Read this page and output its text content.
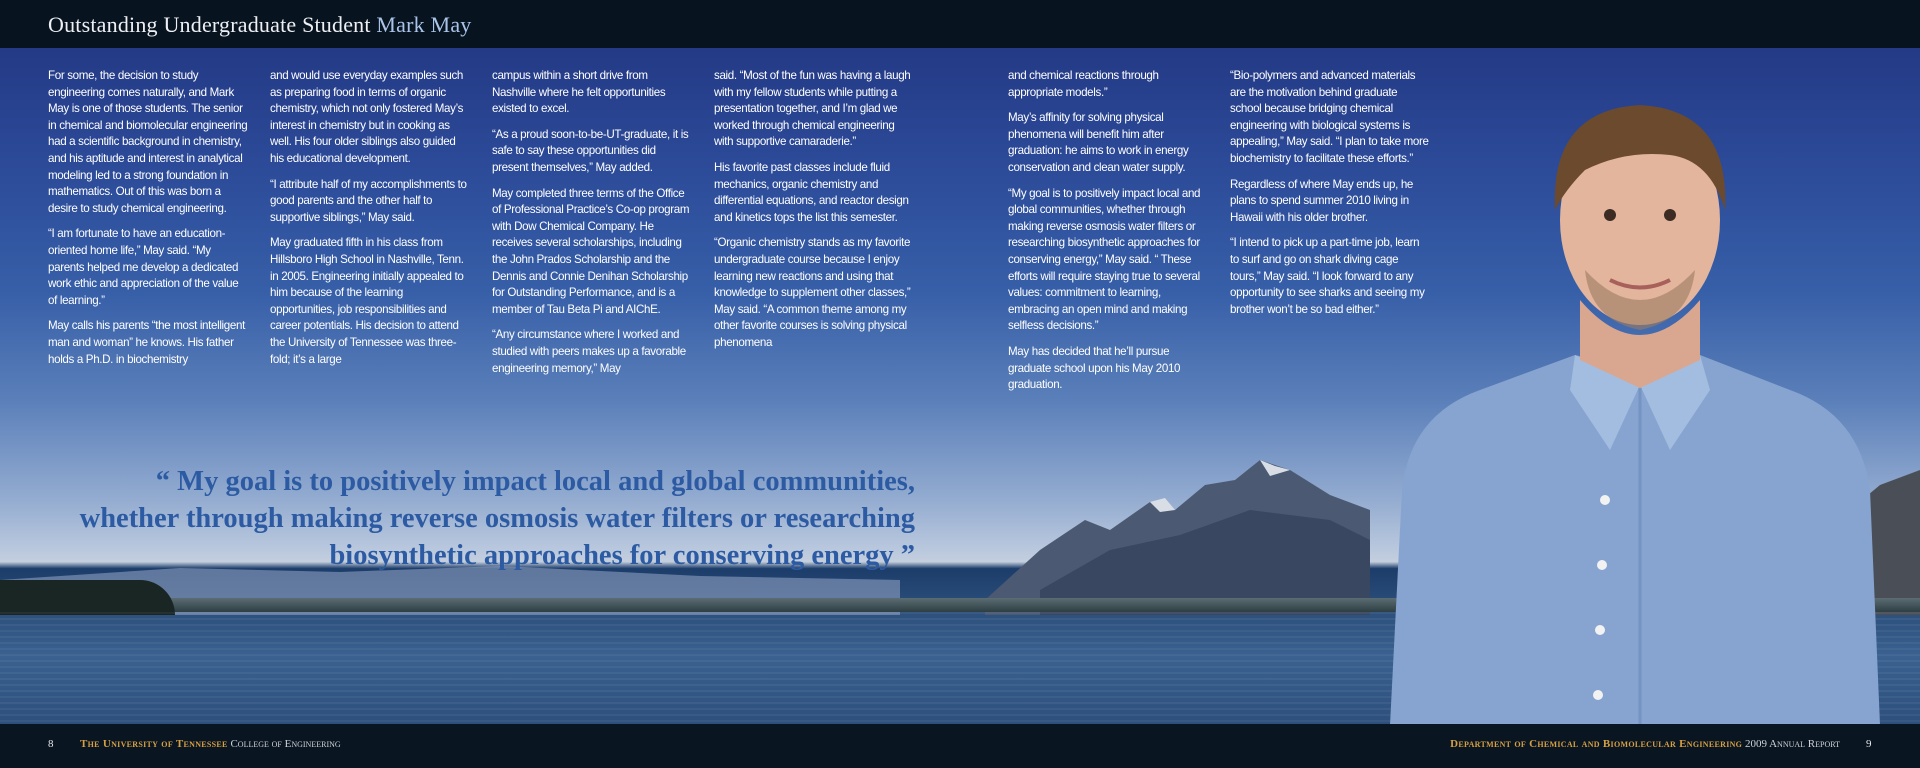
Outstanding Undergraduate Student Mark May

For some, the decision to study engineering comes naturally, and Mark May is one of those students. The senior in chemical and biomolecular engineering had a scientific background in chemistry, and his aptitude and interest in analytical modeling led to a strong foundation in mathematics. Out of this was born a desire to study chemical engineering.

“I am fortunate to have an education-oriented home life,” May said. “My parents helped me develop a dedicated work ethic and appreciation of the value of learning.”

May calls his parents “the most intelligent man and woman” he knows. His father holds a Ph.D. in biochemistry

and would use everyday examples such as preparing food in terms of organic chemistry, which not only fostered May’s interest in chemistry but in cooking as well. His four older siblings also guided his educational development.

“I attribute half of my accomplishments to good parents and the other half to supportive siblings,” May said.

May graduated fifth in his class from Hillsboro High School in Nashville, Tenn. in 2005. Engineering initially appealed to him because of the learning opportunities, job responsibilities and career potentials. His decision to attend the University of Tennessee was three-fold; it’s a large

campus within a short drive from Nashville where he felt opportunities existed to excel.

“As a proud soon-to-be-UT-graduate, it is safe to say these opportunities did present themselves,” May added.

May completed three terms of the Office of Professional Practice’s Co-op program with Dow Chemical Company. He receives several scholarships, including the John Prados Scholarship and the Dennis and Connie Denihan Scholarship for Outstanding Performance, and is a member of Tau Beta Pi and AIChE.

“Any circumstance where I worked and studied with peers makes up a favorable engineering memory,” May

said. “Most of the fun was having a laugh with my fellow students while putting a presentation together, and I’m glad we worked through chemical engineering with supportive camaraderie.”

His favorite past classes include fluid mechanics, organic chemistry and differential equations, and reactor design and kinetics tops the list this semester.

“Organic chemistry stands as my favorite undergraduate course because I enjoy learning new reactions and using that knowledge to supplement other classes,” May said. “A common theme among my other favorite courses is solving physical phenomena

and chemical reactions through appropriate models.”

May’s affinity for solving physical phenomena will benefit him after graduation: he aims to work in energy conservation and clean water supply.

“My goal is to positively impact local and global communities, whether through making reverse osmosis water filters or researching biosynthetic approaches for conserving energy,” May said. “ These efforts will require staying true to several values: commitment to learning, embracing an open mind and making selfless decisions.”

May has decided that he’ll pursue graduate school upon his May 2010 graduation.

“Bio-polymers and advanced materials are the motivation behind graduate school because bridging chemical engineering with biological systems is appealing,” May said. “I plan to take more biochemistry to facilitate these efforts.”

Regardless of where May ends up, he plans to spend summer 2010 living in Hawaii with his older brother.

“I intend to pick up a part-time job, learn to surf and go on shark diving cage tours,” May said. “I look forward to any opportunity to see sharks and seeing my brother won’t be so bad either.”

“ My goal is to positively impact local and global communities, whether through making reverse osmosis water filters or researching biosynthetic approaches for conserving energy ”
8 The University of Tennessee College of Engineering	Department of Chemical and Biomolecular Engineering 2009 Annual Report 9
